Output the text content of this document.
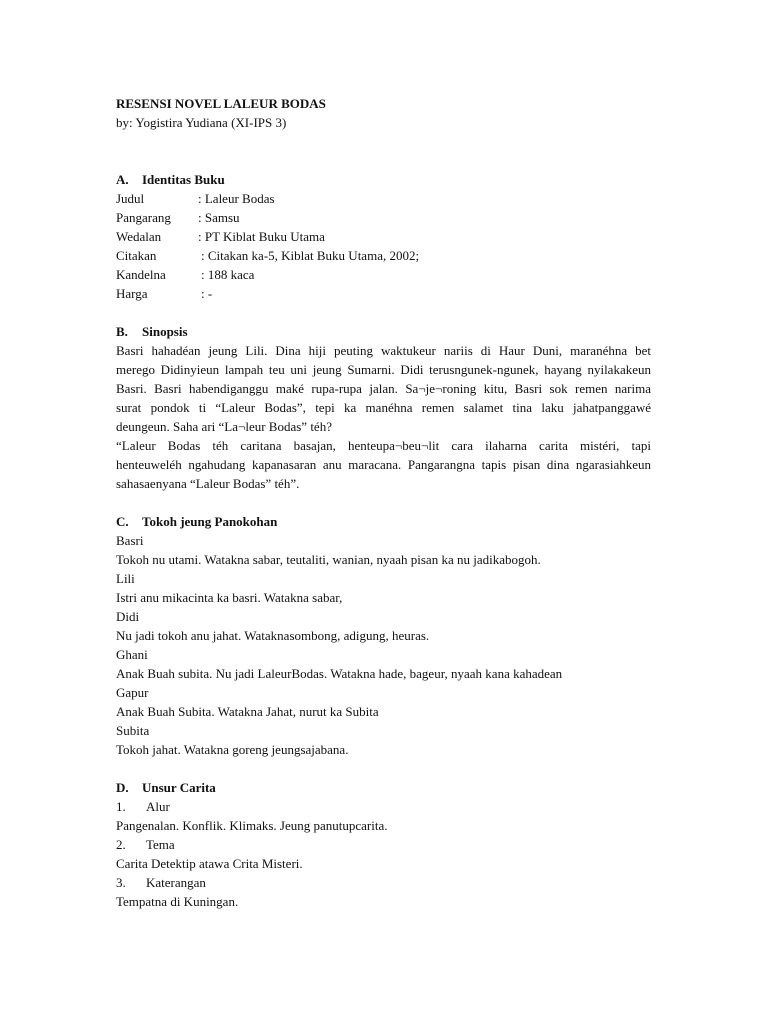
RESENSI NOVEL LALEUR BODAS
by: Yogistira Yudiana (XI-IPS 3)
A.	Identitas Buku
Judul	: Laleur Bodas
Pangarang	: Samsu
Wedalan	: PT Kiblat Buku Utama
Citakan	: Citakan ka-5, Kiblat Buku Utama, 2002;
Kandelna	: 188 kaca
Harga	: -
B.	Sinopsis
Basri hahadéan jeung Lili. Dina hiji peuting waktukeur nariis di Haur Duni, maranéhna bet
merego Didinyieun lampah teu uni jeung Sumarni. Didi terusngunek-ngunek, hayang nyilakakeun
Basri. Basri habendiganggu maké rupa-rupa jalan. Sa¬je¬roning kitu, Basri sok remen narima
surat pondok ti “Laleur Bodas”, tepi ka manéhna remen salamet tina laku jahatpanggawé
deungeun. Saha ari “La¬leur Bodas” téh?
“Laleur Bodas téh caritana basajan, henteupa¬beu¬lit cara ilaharna carita mistéri, tapi
henteuweléh ngahudang kapanasaran anu maracana. Pangarangna tapis pisan dina ngarasiahkeun
sahasaenyana “Laleur Bodas” téh”.
C.	Tokoh jeung Panokohan
Basri
Tokoh nu utami. Watakna sabar, teutaliti, wanian, nyaah pisan ka nu jadikabogoh.
Lili
Istri anu mikacinta ka basri. Watakna sabar,
Didi
Nu jadi tokoh anu jahat. Wataknasombong, adigung, heuras.
Ghani
Anak Buah subita. Nu jadi LaleurBodas. Watakna hade, bageur, nyaah kana kahadean
Gapur
Anak Buah Subita. Watakna Jahat, nurut ka Subita
Subita
Tokoh jahat. Watakna goreng jeungsajabana.
D.	Unsur Carita
1.	Alur
Pangenalan. Konflik. Klimaks. Jeung panutupcarita.
2.	Tema
Carita Detektip atawa Crita Misteri.
3.	Katerangan
Tempatna di Kuningan.
